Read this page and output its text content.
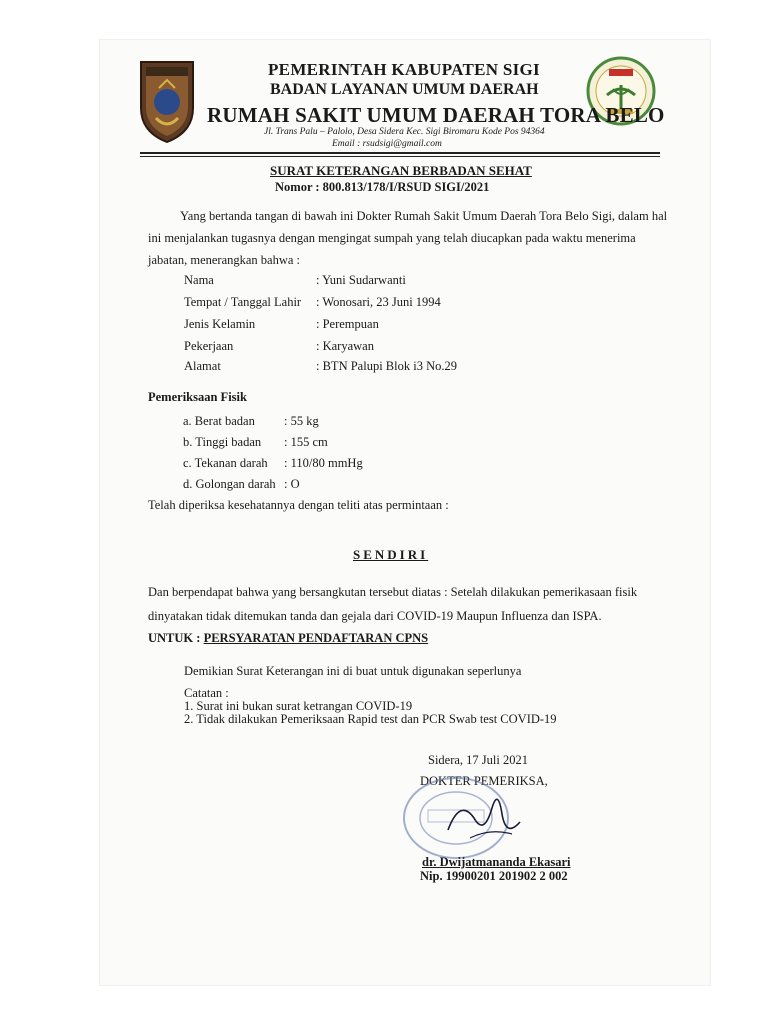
PEMERINTAH KABUPATEN SIGI
BADAN LAYANAN UMUM DAERAH
RUMAH SAKIT UMUM DAERAH TORA BELO
Jl. Trans Palu – Palolo, Desa Sidera Kec. Sigi Biromaru Kode Pos 94364
Email : rsudsigi@gmail.com
SURAT KETERANGAN BERBADAN SEHAT
Nomor : 800.813/178/I/RSUD SIGI/2021
Yang bertanda tangan di bawah ini Dokter Rumah Sakit Umum Daerah Tora Belo Sigi, dalam hal
ini menjalankan tugasnya dengan mengingat sumpah yang telah diucapkan pada waktu menerima
jabatan, menerangkan bahwa :
Nama	: Yuni Sudarwanti
Tempat / Tanggal Lahir : Wonosari, 23 Juni 1994
Jenis Kelamin	: Perempuan
Pekerjaan	: Karyawan
Alamat	: BTN Palupi Blok i3 No.29
Pemeriksaan Fisik
a. Berat badan : 55 kg
b. Tinggi badan : 155 cm
c. Tekanan darah : 110/80 mmHg
d. Golongan darah : O
Telah diperiksa kesehatannya dengan teliti atas permintaan :
SENDIRI
Dan berpendapat bahwa yang bersangkutan tersebut diatas : Setelah dilakukan pemerikasaan fisik
dinyatakan tidak ditemukan tanda dan gejala dari COVID-19 Maupun Influenza dan ISPA.
UNTUK : PERSYARATAN PENDAFTARAN CPNS
Demikian Surat Keterangan ini di buat untuk digunakan seperlunya
Catatan :
1. Surat ini bukan surat ketrangan COVID-19
2. Tidak dilakukan Pemeriksaan Rapid test dan PCR Swab test COVID-19
Sidera, 17 Juli 2021
DOKTER PEMERIKSA,
dr. Dwijatmananda Ekasari
Nip. 19900201 201902 2 002
